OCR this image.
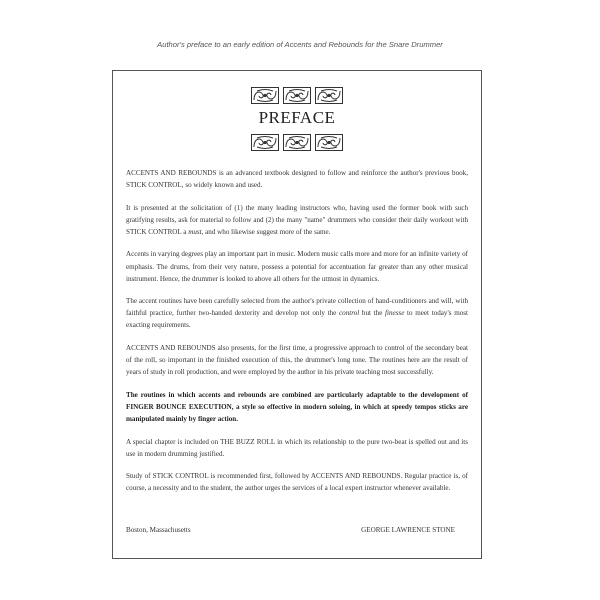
Author's preface to an early edition of Accents and Rebounds for the Snare Drummer
PREFACE

ACCENTS AND REBOUNDS is an advanced textbook designed to follow and reinforce the author's previous book, STICK CONTROL, so widely known and used.

It is presented at the solicitation of (1) the many leading instructors who, having used the former book with such gratifying results, ask for material to follow and (2) the many "name" drummers who consider their daily workout with STICK CONTROL a must, and who likewise suggest more of the same.

Accents in varying degrees play an important part in music. Modern music calls more and more for an infinite variety of emphasis. The drums, from their very nature, possess a potential for accentuation far greater than any other musical instrument. Hence, the drummer is looked to above all others for the utmost in dynamics.

The accent routines have been carefully selected from the author's private collection of hand-conditioners and will, with faithful practice, further two-handed dexterity and develop not only the control but the finesse to meet today's most exacting requirements.

ACCENTS AND REBOUNDS also presents, for the first time, a progressive approach to control of the secondary beat of the roll, so important in the finished execution of this, the drummer's long tone. The routines here are the result of years of study in roll production, and were employed by the author in his private teaching most successfully.

The routines in which accents and rebounds are combined are particularly adaptable to the development of FINGER BOUNCE EXECUTION, a style so effective in modern soloing, in which at speedy tempos sticks are manipulated mainly by finger action.

A special chapter is included on THE BUZZ ROLL in which its relationship to the pure two-beat is spelled out and its use in modern drumming justified.

Study of STICK CONTROL is recommended first, followed by ACCENTS AND REBOUNDS. Regular practice is, of course, a necessity and to the student, the author urges the services of a local expert instructor whenever available.

Boston, Massachusetts	GEORGE LAWRENCE STONE
